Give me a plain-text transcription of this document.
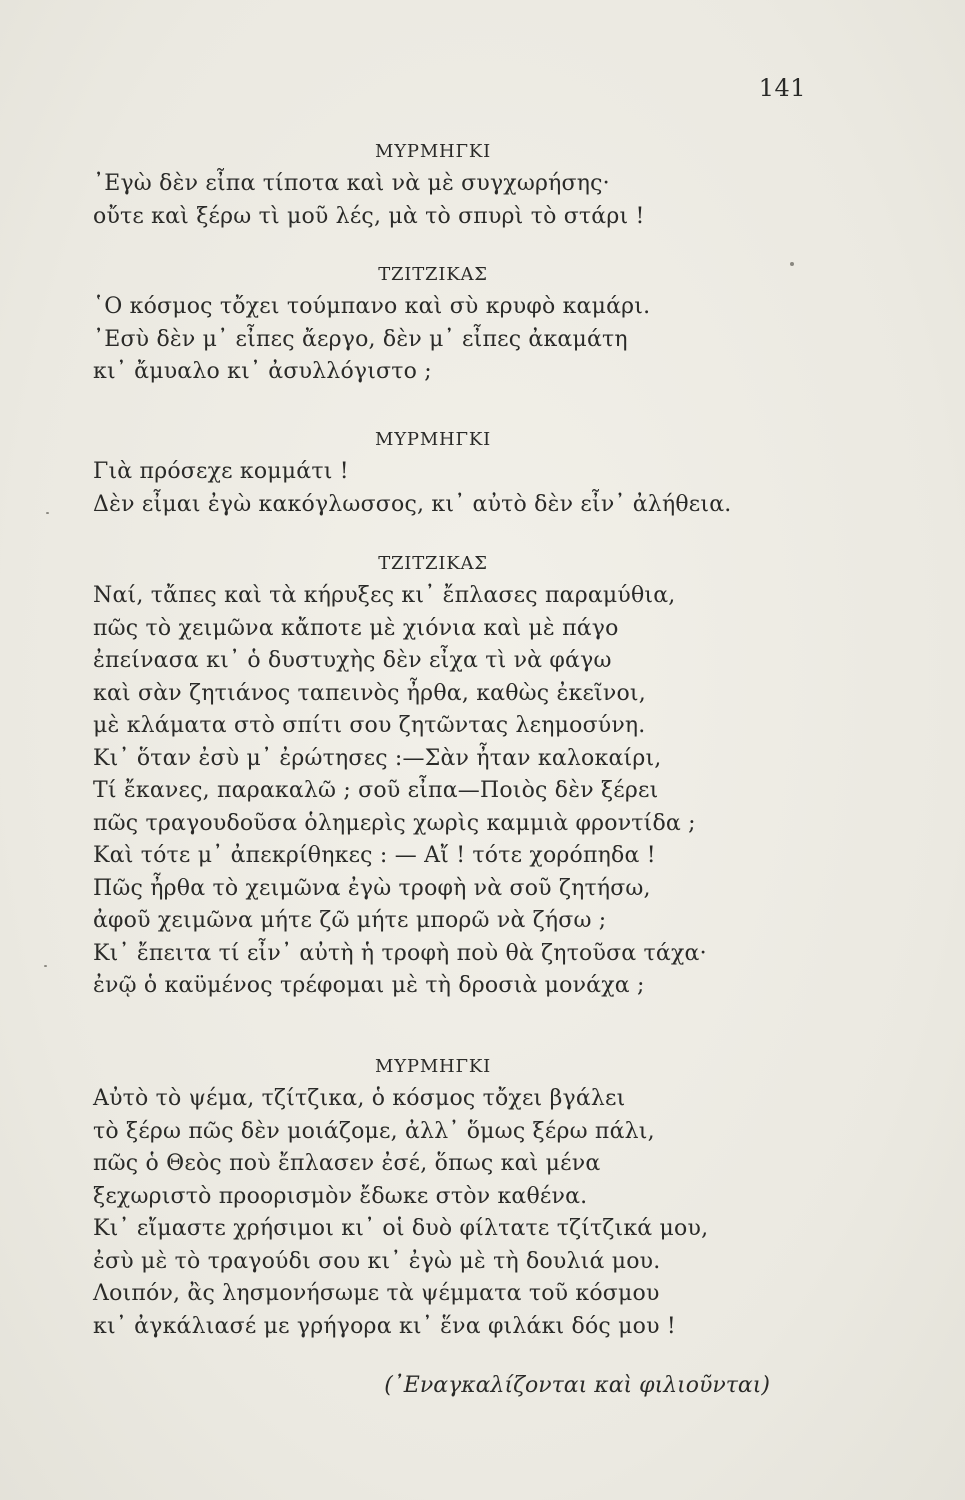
​
141
ΜΥΡΜΗΓΚΙ
᾿Εγὼ δὲν εἶπα τίποτα καὶ νὰ μὲ συγχωρήσης·
οὔτε καὶ ξέρω τὶ μοῦ λές, μὰ τὸ σπυρὶ τὸ στάρι !
ΤΖΙΤΖΙΚΑΣ
῾Ο κόσμος τὄχει τούμπανο καὶ σὺ κρυφὸ καμάρι.
᾿Εσὺ δὲν μ᾿ εἶπες ἄεργο, δὲν μ᾿ εἶπες ἀκαμάτη
κι᾿ ἄμυαλο κι᾿ ἀσυλλόγιστο ;
ΜΥΡΜΗΓΚΙ
Γιὰ πρόσεχε κομμάτι !
Δὲν εἶμαι ἐγὼ κακόγλωσσος, κι᾿ αὐτὸ δὲν εἶν᾿ ἀλήθεια.
ΤΖΙΤΖΙΚΑΣ
Ναί, τἄπες καὶ τὰ κήρυξες κι᾿ ἔπλασες παραμύθια,
πῶς τὸ χειμῶνα κἄποτε μὲ χιόνια καὶ μὲ πάγο
ἐπείνασα κι᾿ ὁ δυστυχὴς δὲν εἶχα τὶ νὰ φάγω
καὶ σὰν ζητιάνος ταπεινὸς ἦρθα, καθὼς ἐκεῖνοι,
μὲ κλάματα στὸ σπίτι σου ζητῶντας λεημοσύνη.
Κι᾿ ὅταν ἐσὺ μ᾿ ἐρώτησες :—Σὰν ἦταν καλοκαίρι,
Τί ἔκανες, παρακαλῶ ; σοῦ εἶπα—Ποιὸς δὲν ξέρει
πῶς τραγουδοῦσα ὁλημερὶς χωρὶς καμμιὰ φροντίδα ;
Καὶ τότε μ᾿ ἀπεκρίθηκες : — Αἴ ! τότε χορόπηδα !
Πῶς ἦρθα τὸ χειμῶνα ἐγὼ τροφὴ νὰ σοῦ ζητήσω,
ἀφοῦ χειμῶνα μήτε ζῶ μήτε μπορῶ νὰ ζήσω ;
Κι᾿ ἔπειτα τί εἶν᾿ αὐτὴ ἡ τροφὴ ποὺ θὰ ζητοῦσα τάχα·
ἐνῷ ὁ καϋμένος τρέφομαι μὲ τὴ δροσιὰ μονάχα ;
ΜΥΡΜΗΓΚΙ
Αὐτὸ τὸ ψέμα, τζίτζικα, ὁ κόσμος τὄχει βγάλει
τὸ ξέρω πῶς δὲν μοιάζομε, ἀλλ᾿ ὅμως ξέρω πάλι,
πῶς ὁ Θεὸς ποὺ ἔπλασεν ἐσέ, ὅπως καὶ μένα
ξεχωριστὸ προορισμὸν ἔδωκε στὸν καθένα.
Κι᾿ εἴμαστε χρήσιμοι κι᾿ οἱ δυὸ φίλτατε τζίτζικά μου,
ἐσὺ μὲ τὸ τραγούδι σου κι᾿ ἐγὼ μὲ τὴ δουλιά μου.
Λοιπόν, ἂς λησμονήσωμε τὰ ψέμματα τοῦ κόσμου
κι᾿ ἀγκάλιασέ με γρήγορα κι᾿ ἕνα φιλάκι δός μου !
(᾿Εναγκαλίζονται καὶ φιλιοῦνται)
